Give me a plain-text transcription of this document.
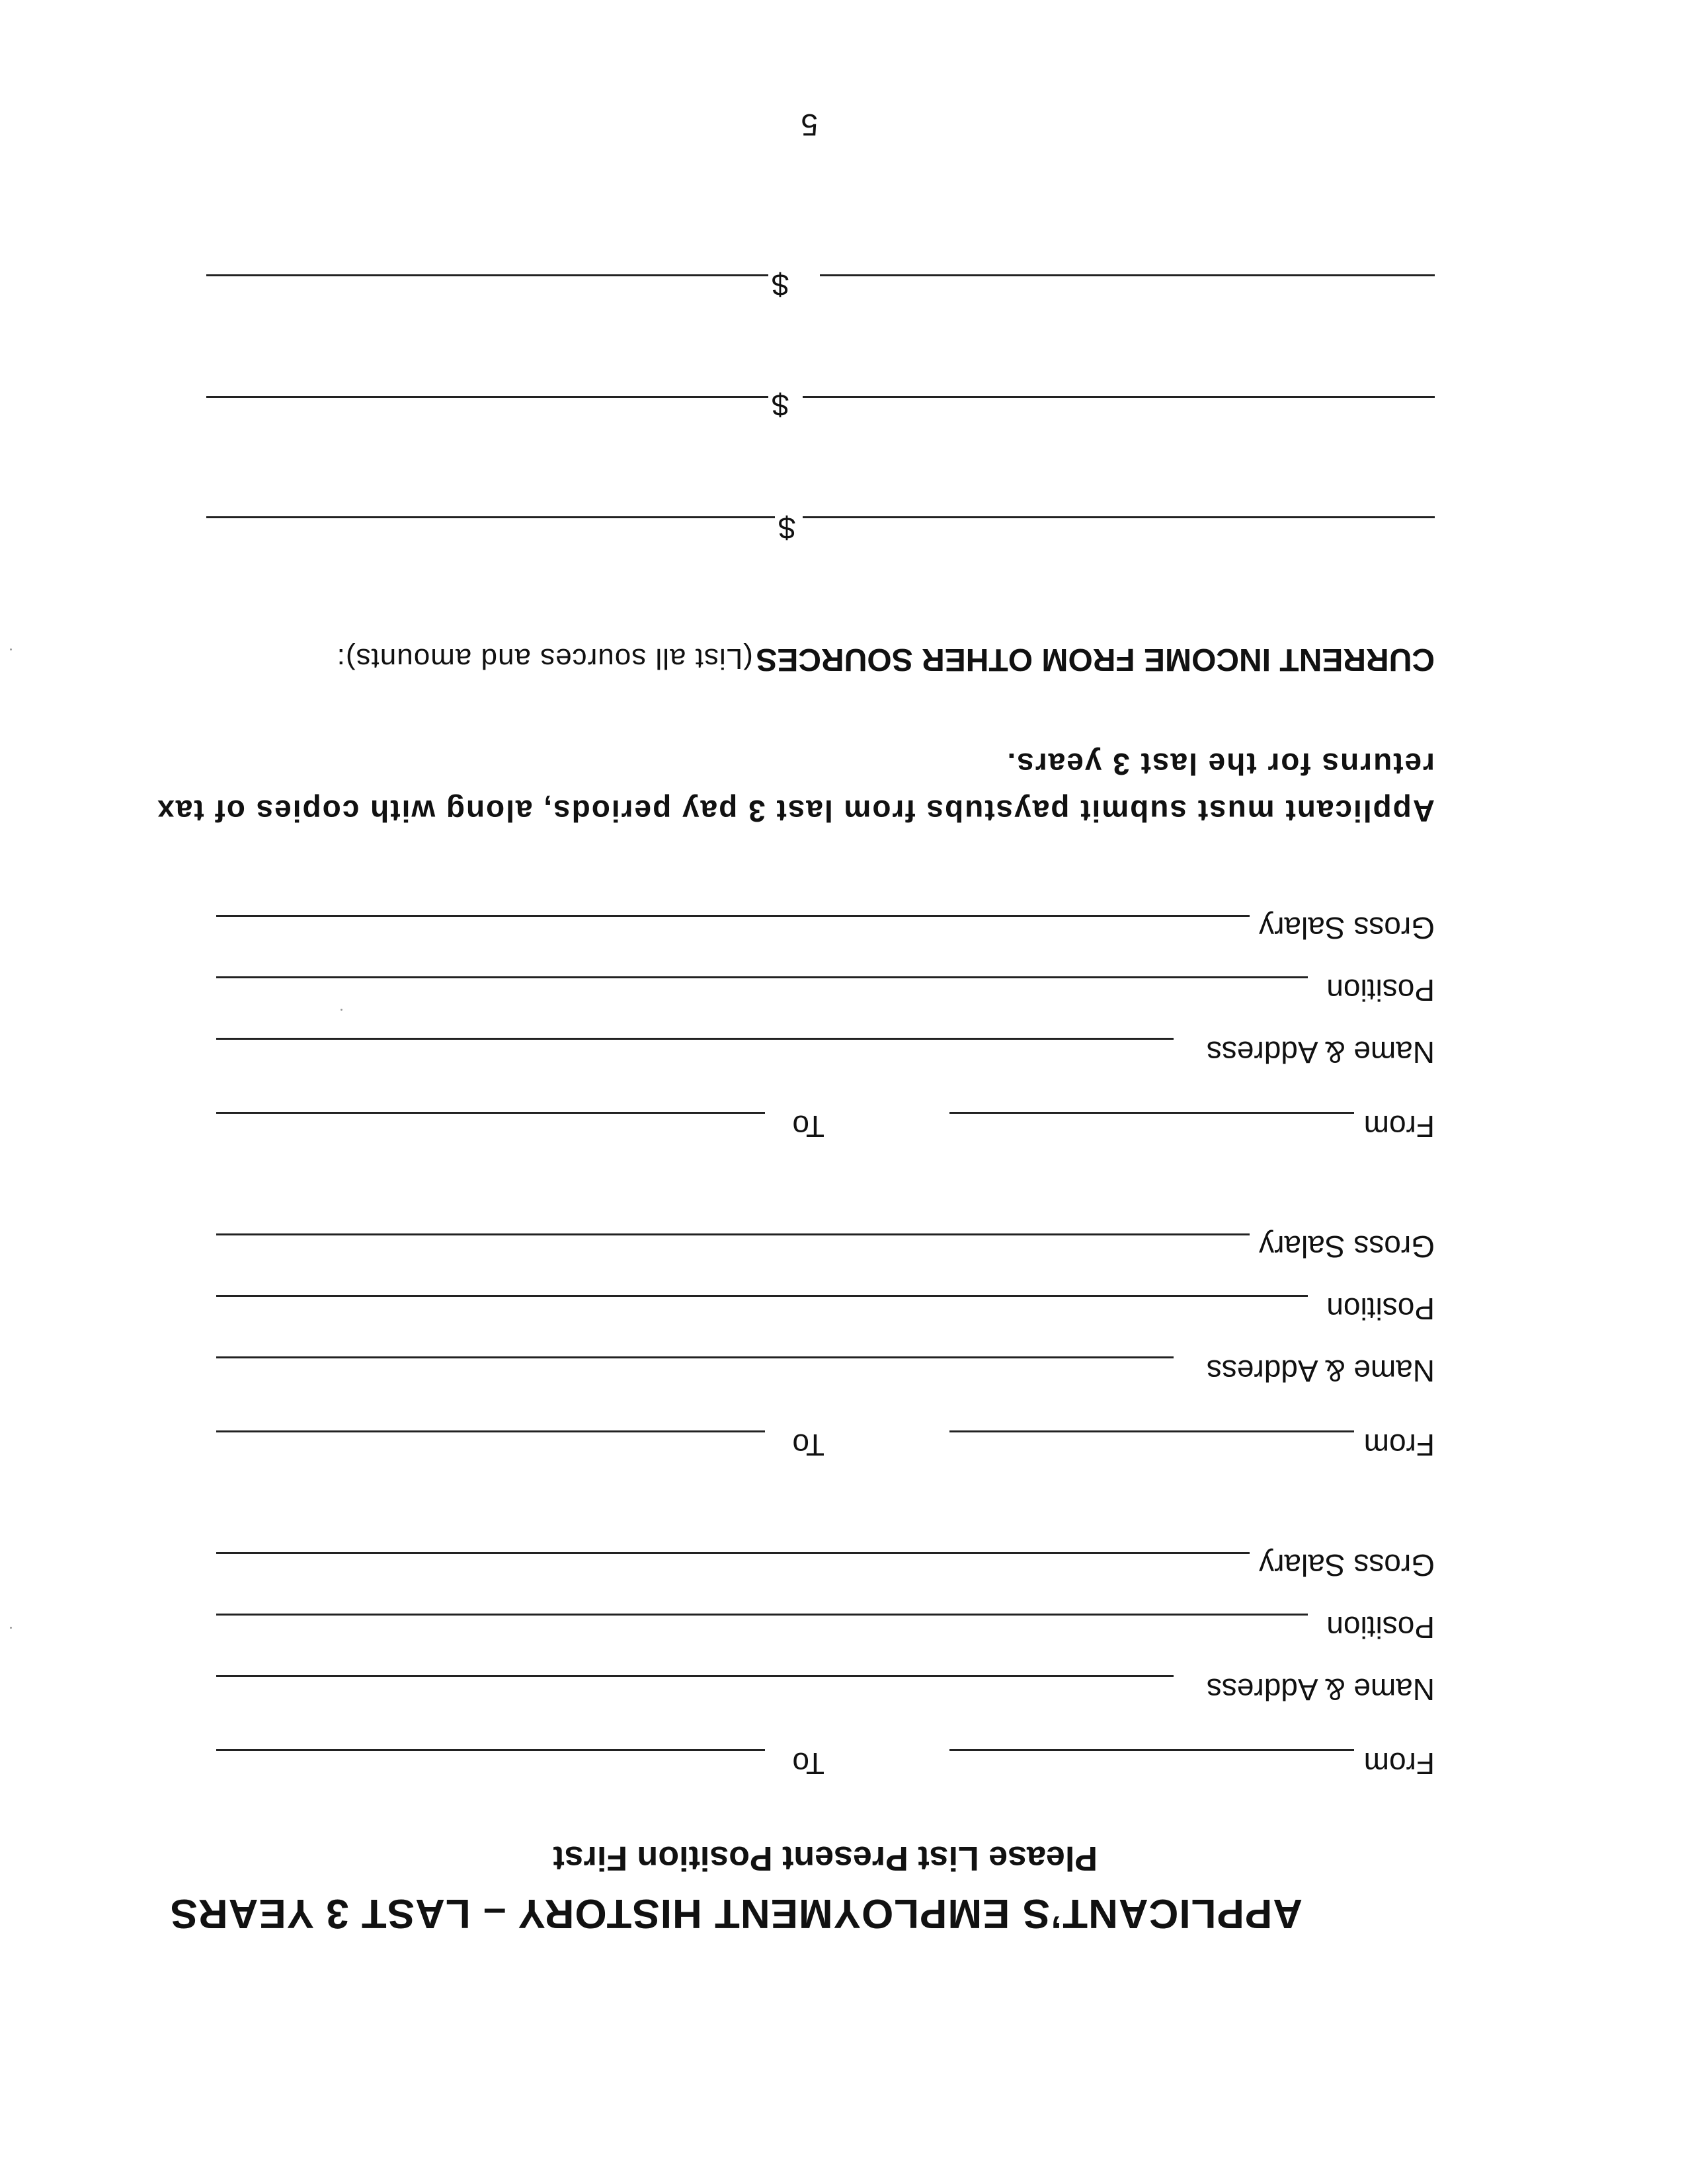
APPLICANT’S EMPLOYMENT HISTORY – LAST 3 YEARS
Please List Present Position First
From
To
Name & Address
Position
Gross Salary
From
To
Name & Address
Position
Gross Salary
From
To
Name & Address
Position
Gross Salary
Applicant must submit paystubs from last 3 pay periods, along with copies of tax
returns for the last 3 years.
CURRENT INCOME FROM OTHER SOURCES (List all sources and amounts):
$
$
$
5
